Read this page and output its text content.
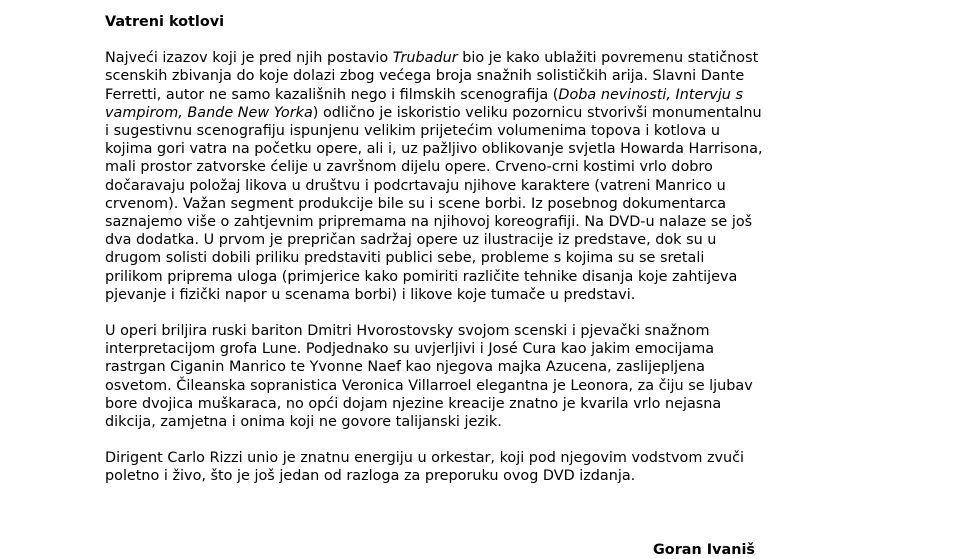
Vatreni kotlovi

Najveći izazov koji je pred njih postavio Trubadur bio je kako ublažiti povremenu statičnost scenskih zbivanja do koje dolazi zbog većega broja snažnih solističkih arija. Slavni Dante Ferretti, autor ne samo kazališnih nego i filmskih scenografija (Doba nevinosti, Intervju s vampirom, Bande New Yorka) odlično je iskoristio veliku pozornicu stvorivši monumentalnu i sugestivnu scenografiju ispunjenu velikim prijetećim volumenima topova i kotlova u kojima gori vatra na početku opere, ali i, uz pažljivo oblikovanje svjetla Howarda Harrisona, mali prostor zatvorske ćelije u završnom dijelu opere. Crveno-crni kostimi vrlo dobro dočaravaju položaj likova u društvu i podcrtavaju njihove karaktere (vatreni Manrico u crvenom). Važan segment produkcije bile su i scene borbi. Iz posebnog dokumentarca saznajemo više o zahtjevnim pripremama na njihovoj koreografiji. Na DVD-u nalaze se još dva dodatka. U prvom je prepričan sadržaj opere uz ilustracije iz predstave, dok su u drugom solisti dobili priliku predstaviti publici sebe, probleme s kojima su se sretali prilikom priprema uloga (primjerice kako pomiriti različite tehnike disanja koje zahtijeva pjevanje i fizički napor u scenama borbi) i likove koje tumače u predstavi.

U operi briljira ruski bariton Dmitri Hvorostovsky svojom scenski i pjevački snažnom interpretacijom grofa Lune. Podjednako su uvjerljivi i José Cura kao jakim emocijama rastrgan Ciganin Manrico te Yvonne Naef kao njegova majka Azucena, zaslijepljena osvetom. Čileanska sopranistica Veronica Villarroel elegantna je Leonora, za čiju se ljubav bore dvojica muškaraca, no opći dojam njezine kreacije znatno je kvarila vrlo nejasna dikcija, zamjetna i onima koji ne govore talijanski jezik.

Dirigent Carlo Rizzi unio je znatnu energiju u orkestar, koji pod njegovim vodstvom zvuči poletno i živo, što je još jedan od razloga za preporuku ovog DVD izdanja.

Goran Ivaniš
